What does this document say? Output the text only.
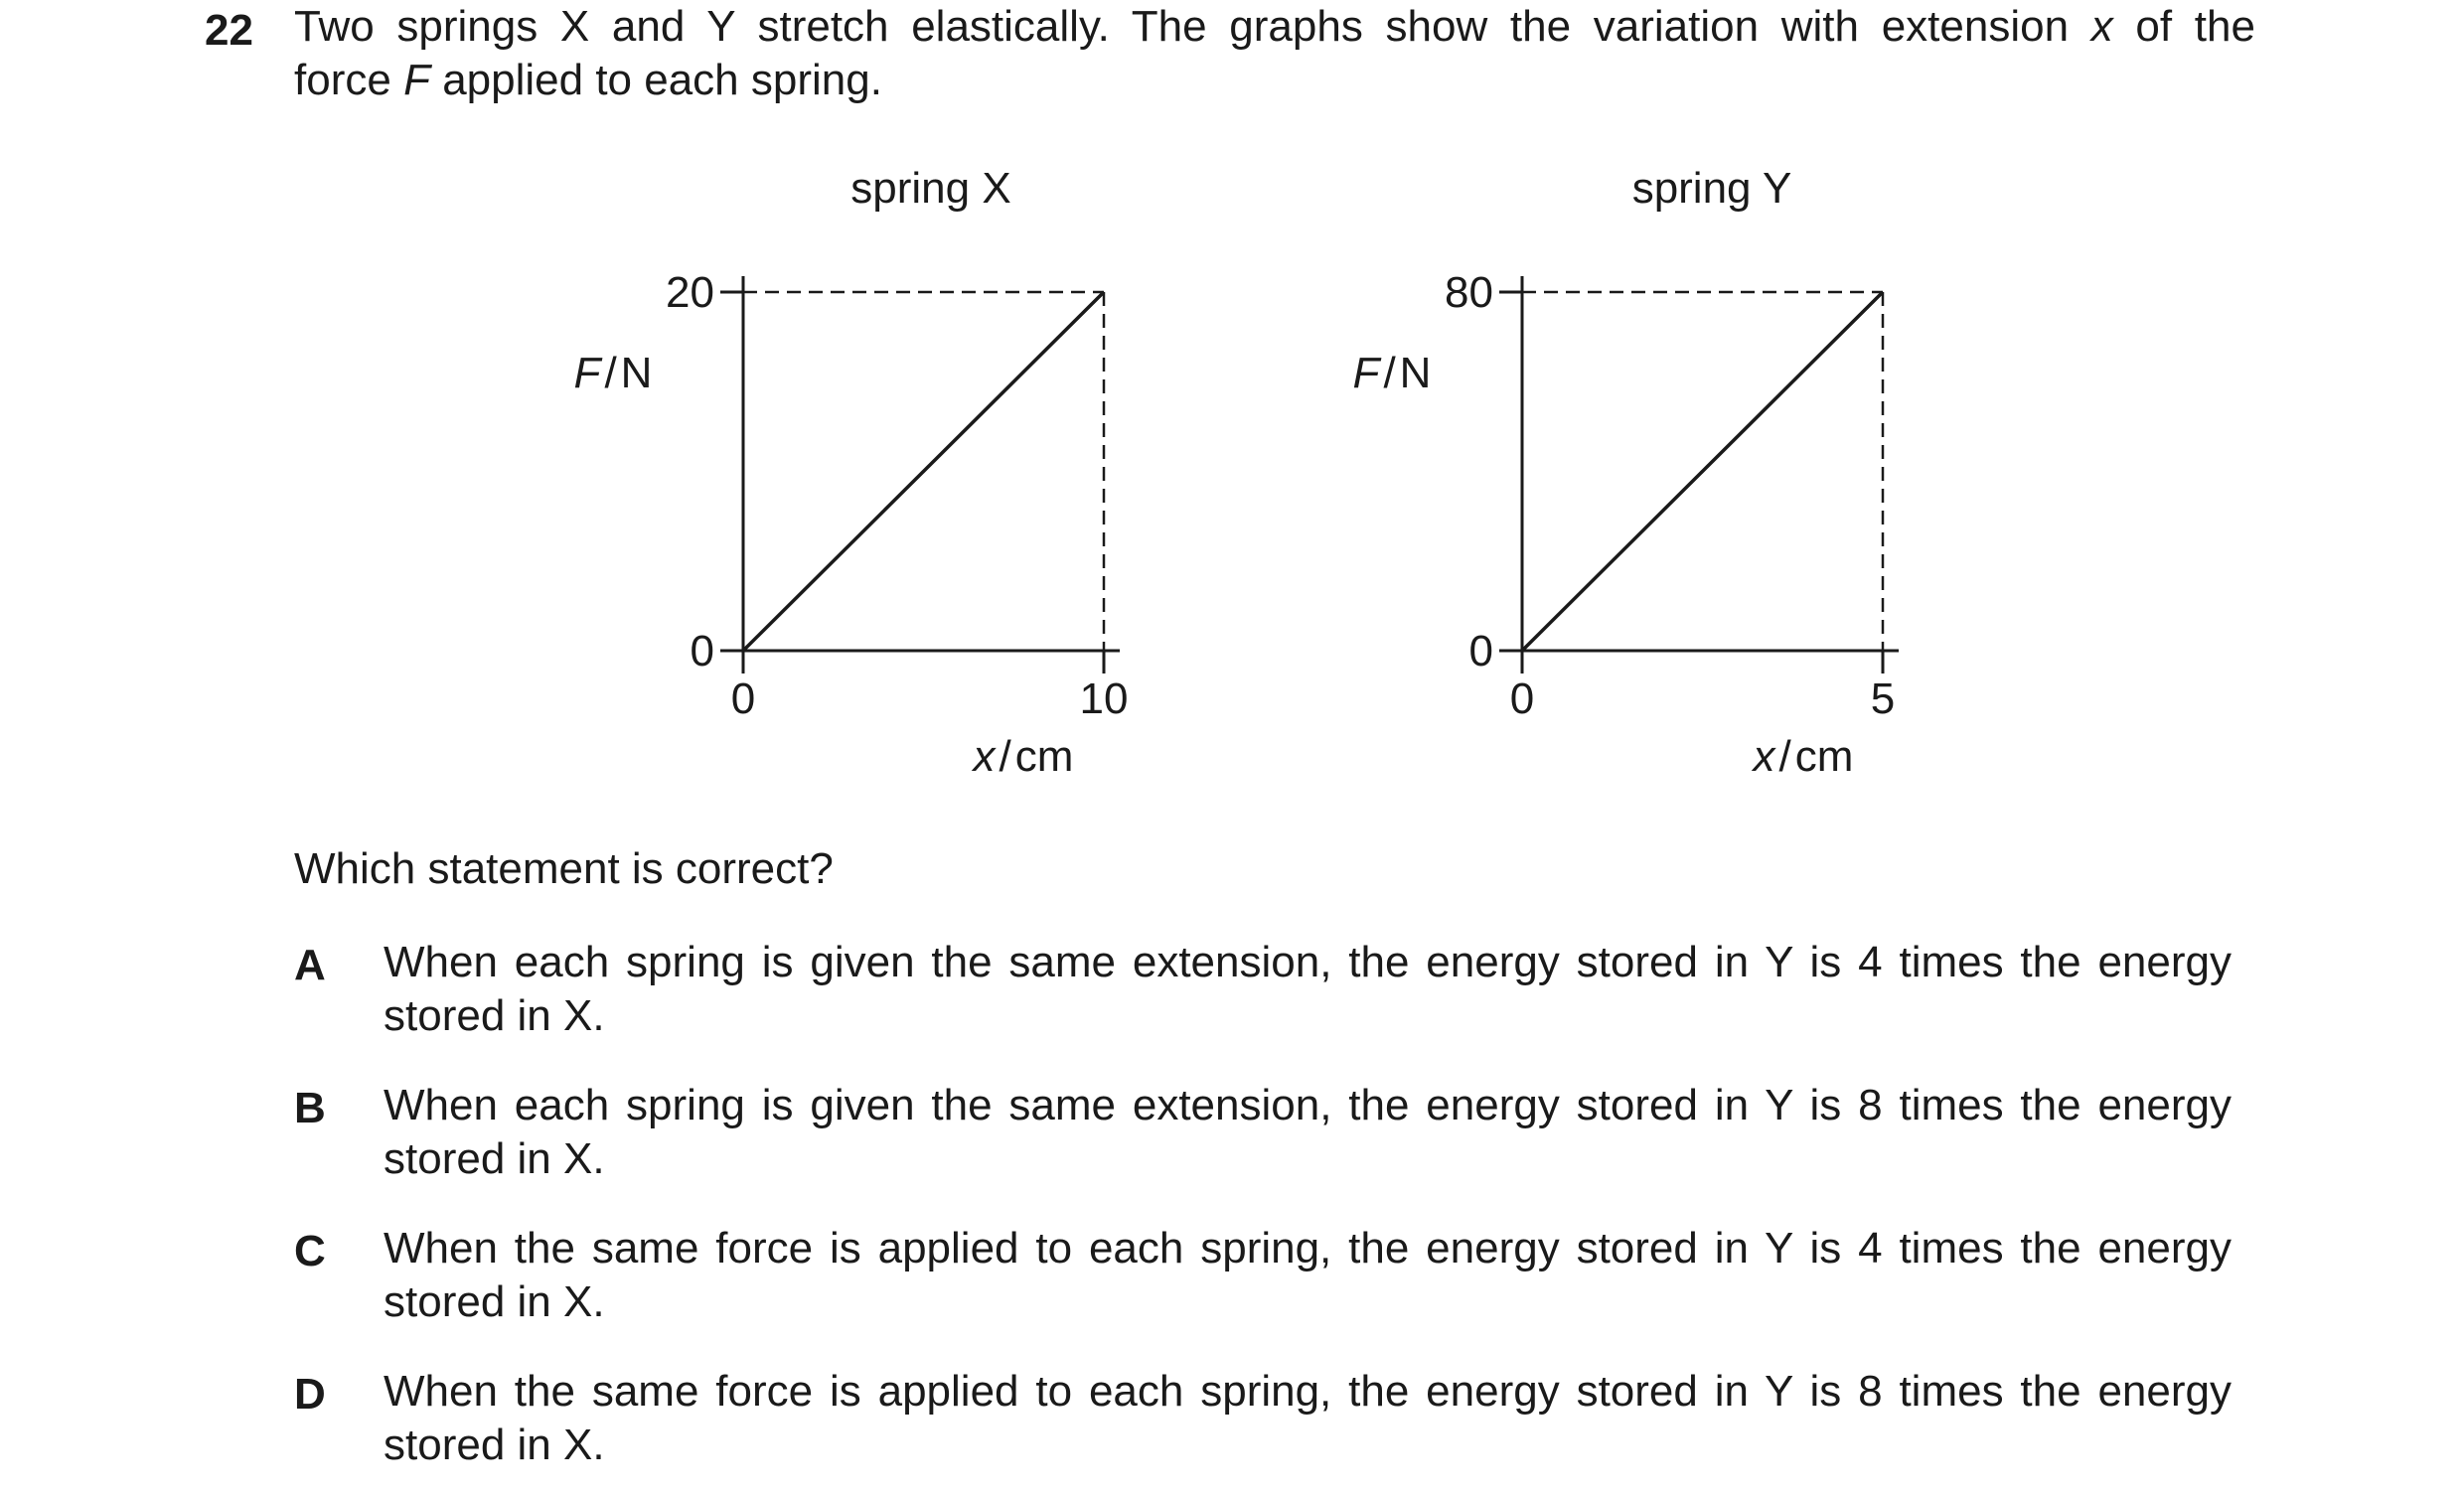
22 Two springs X and Y stretch elastically. The graphs show the variation with extension x of the
force F applied to each spring.
spring X
F/N
x/cm
20
0
0	10
spring Y
F/N
x/cm
80
0
0	5
Which statement is correct?
A When each spring is given the same extension, the energy stored in Y is 4 times the energy
stored in X.
B When each spring is given the same extension, the energy stored in Y is 8 times the energy
stored in X.
C When the same force is applied to each spring, the energy stored in Y is 4 times the energy
stored in X.
D When the same force is applied to each spring, the energy stored in Y is 8 times the energy
stored in X.
